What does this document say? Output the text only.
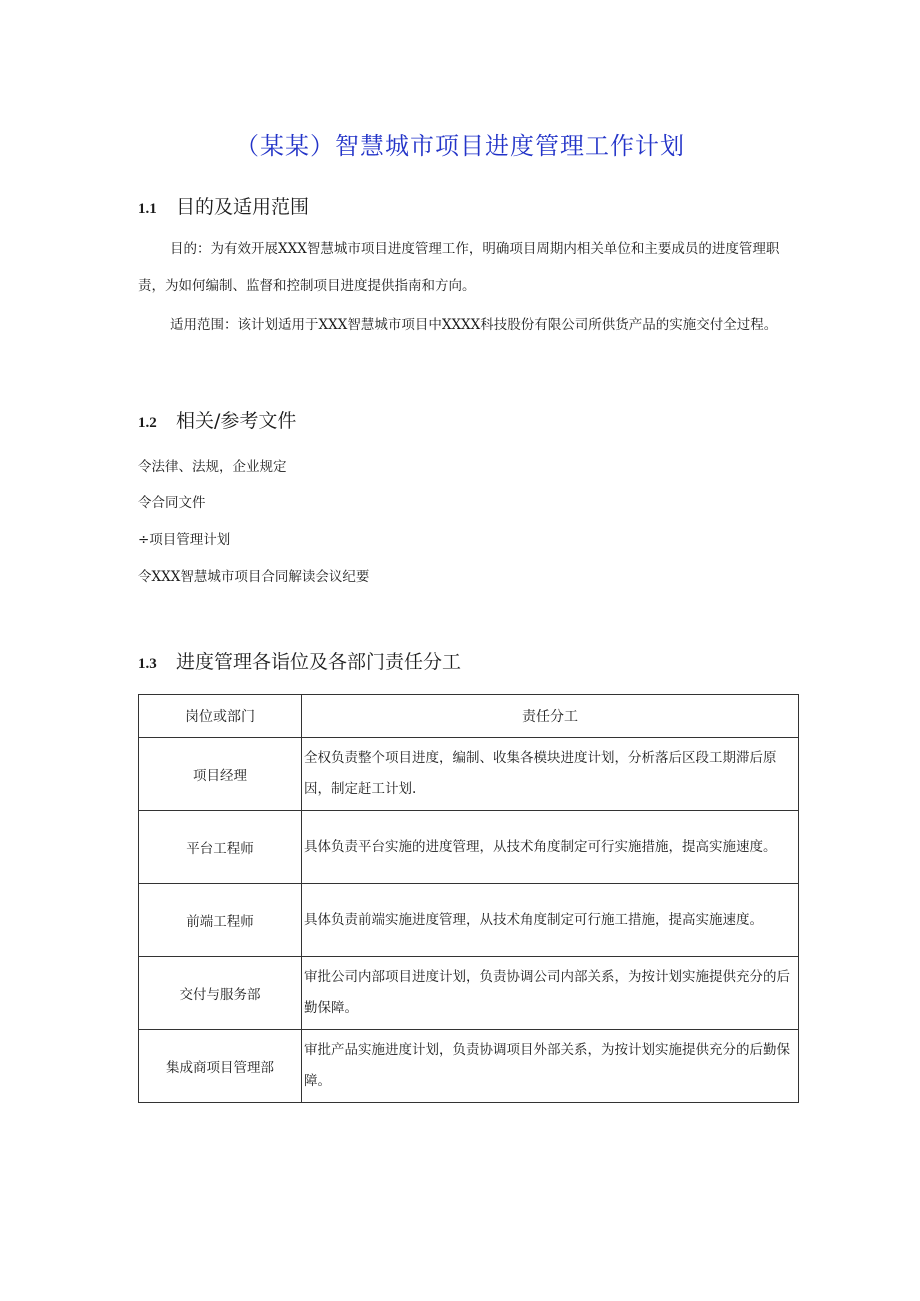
（某某）智慧城市项目进度管理工作计划
1.1 目的及适用范围
目的：为有效开展XXX智慧城市项目进度管理工作，明确项目周期内相关单位和主要成员的进度管理职责，为如何编制、监督和控制项目进度提供指南和方向。
适用范围：该计划适用于XXX智慧城市项目中XXXX科技股份有限公司所供货产品的实施交付全过程。
1.2 相关/参考文件
令法律、法规，企业规定
令合同文件
÷项目管理计划
令XXX智慧城市项目合同解读会议纪要
1.3 进度管理各诣位及各部门责任分工
岗位或部门	责任分工
项目经理	全权负责整个项目进度，编制、收集各模块进度计划，分析落后区段工期滞后原因，制定赶工计划.
平台工程师	具体负责平台实施的进度管理，从技术角度制定可行实施措施，提高实施速度。
前端工程师	具体负责前端实施进度管理，从技术角度制定可行施工措施，提高实施速度。
交付与服务部	审批公司内部项目进度计划，负责协调公司内部关系，为按计划实施提供充分的后勤保障。
集成商项目管理部	审批产品实施进度计划，负责协调项目外部关系，为按计划实施提供充分的后勤保障。
